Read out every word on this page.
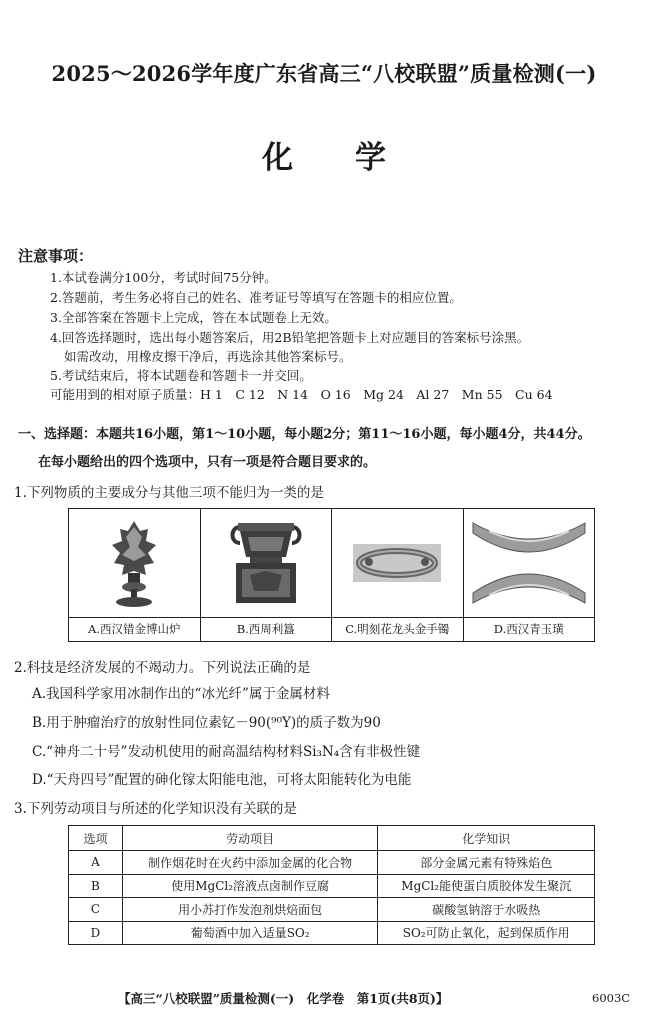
2025～2026学年度广东省高三“八校联盟”质量检测(一)
化学
注意事项：
1.本试卷满分100分，考试时间75分钟。
2.答题前，考生务必将自己的姓名、准考证号等填写在答题卡的相应位置。
3.全部答案在答题卡上完成，答在本试题卷上无效。
4.回答选择题时，选出每小题答案后，用2B铅笔把答题卡上对应题目的答案标号涂黑。
如需改动，用橡皮擦干净后，再选涂其他答案标号。
5.考试结束后，将本试题卷和答题卡一并交回。
可能用到的相对原子质量：H 1　C 12　N 14　O 16　Mg 24　Al 27　Mn 55　Cu 64
一、选择题：本题共16小题，第1～10小题，每小题2分；第11～16小题，每小题4分，共44分。
在每小题给出的四个选项中，只有一项是符合题目要求的。
1.下列物质的主要成分与其他三项不能归为一类的是
A.西汉错金博山炉	B.西周利簋	C.明刻花龙头金手镯	D.西汉青玉璜
2.科技是经济发展的不竭动力。下列说法正确的是
A.我国科学家用冰制作出的“冰光纤”属于金属材料
B.用于肿瘤治疗的放射性同位素钇－90(⁹⁰Y)的质子数为90
C.“神舟二十号”发动机使用的耐高温结构材料Si₃N₄含有非极性键
D.“天舟四号”配置的砷化镓太阳能电池，可将太阳能转化为电能
3.下列劳动项目与所述的化学知识没有关联的是
选项	劳动项目	化学知识
A	制作烟花时在火药中添加金属的化合物	部分金属元素有特殊焰色
B	使用MgCl₂溶液点卤制作豆腐	MgCl₂能使蛋白质胶体发生聚沉
C	用小苏打作发泡剂烘焙面包	碳酸氢钠溶于水吸热
D	葡萄酒中加入适量SO₂	SO₂可防止氧化，起到保质作用
【高三“八校联盟”质量检测(一)　化学卷　第1页(共8页)】	6003C
